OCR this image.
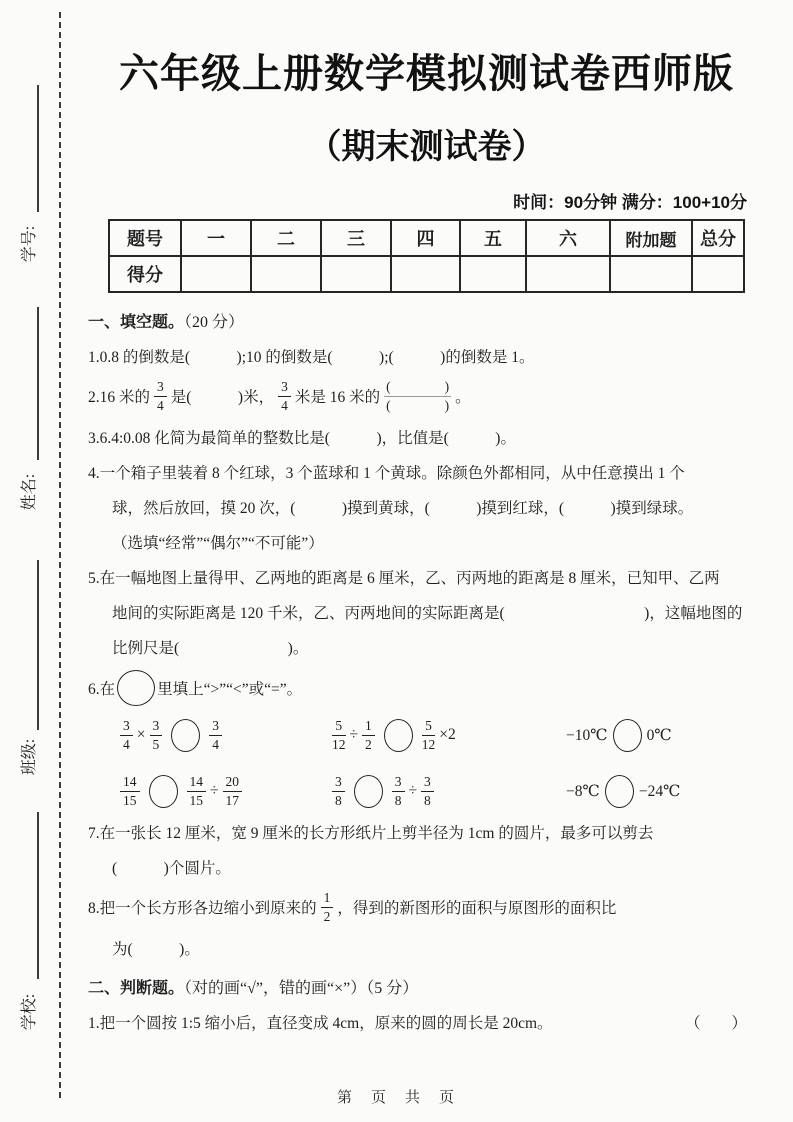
学号:
姓名:
班级:
学校:
六年级上册数学模拟测试卷西师版
（期末测试卷）
时间：90分钟 满分：100+10分
题号	一	二	三	四	五	六	附加题	总分
得分								
一、填空题。（20 分）
1.0.8 的倒数是(　　　);10 的倒数是(　　　);(　　　)的倒数是 1。
2.16 米的 $\frac{3}{4}$ 是(　　　)米， $\frac{3}{4}$ 米是 16 米的 $\frac{( )}{( )}$ 。
3.6.4:0.08 化简为最简单的整数比是(　　　)，比值是(　　　)。
4.一个箱子里装着 8 个红球，3 个蓝球和 1 个黄球。除颜色外都相同，从中任意摸出 1 个
球，然后放回，摸 20 次，(　　　)摸到黄球，(　　　)摸到红球，(　　　)摸到绿球。
（选填“经常”“偶尔”“不可能”）
5.在一幅地图上量得甲、乙两地的距离是 6 厘米，乙、丙两地的距离是 8 厘米，已知甲、乙两
地间的实际距离是 120 千米，乙、丙两地间的实际距离是(　　　　　　　　　)，这幅地图的
比例尺是(　　　　　　　)。
6.在	里填上“>”“<”或“=”。
$\frac{3}{4} \times \frac{3}{5}$	$\frac{3}{4}$	$\frac{5}{12} \div \frac{1}{2}$	$\frac{5}{12} \times 2$	−10℃	0℃
$\frac{14}{15}$	$\frac{14}{15} \div \frac{20}{17}$	$\frac{3}{8}$	$\frac{3}{8} \div \frac{3}{8}$	−8℃	−24℃
7.在一张长 12 厘米，宽 9 厘米的长方形纸片上剪半径为 1cm 的圆片，最多可以剪去
(　　　)个圆片。
8.把一个长方形各边缩小到原来的 $\frac{1}{2}$ ，得到的新图形的面积与原图形的面积比
为(　　　)。
二、判断题。（对的画“√”，错的画“×”）（5 分）
1.把一个圆按 1:5 缩小后，直径变成 4cm，原来的圆的周长是 20cm。	（　　）
第　页　共　页
